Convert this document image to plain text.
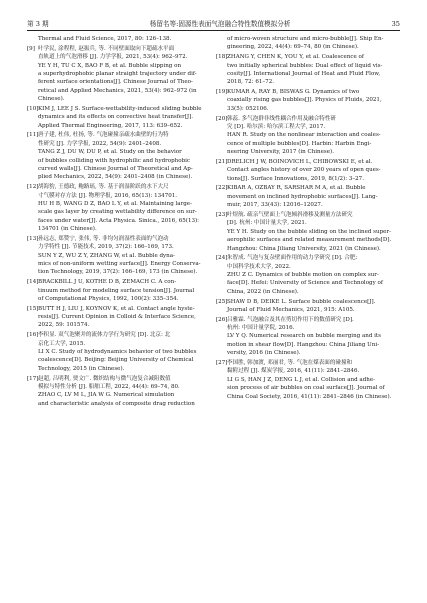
第 3 期	杨留名等:固源性表面气泡融合特性数值模拟分析	35

Thermal and Fluid Science, 2017, 80: 126–138.

[9] 叶学民, 涂程程, 赵振兵, 等. 不同壁面取向下超疏水平面

直轨道上的气泡滑移 [J]. 力学学报, 2021, 53(4): 962–972.

YE Y H, TU C X, BAO F B, et al. Bubble slipping on

a superhydrophobic planar straight trajectory under dif-

ferent surface orientations[J]. Chinese Journal of Theo-

retical and Applied Mechanics, 2021, 53(4): 962–972 (in

Chinese).

[10] KIM J, LEE J S. Surface-wettability-induced sliding bubble

dynamics and its effects on convective heat transfer[J].

Applied Thermal Engineering, 2017, 113: 639–652.

[11] 唐子建, 杜伟, 杜扬, 等. 气泡碰撞亲疏水曲壁的行为特

性研究 [J]. 力学学报, 2022, 54(9): 2401–2408.

TANG Z J, DU W, DU P, et al. Study on the behavior

of bubbles colliding with hydrophilic and hydrophobic

curved walls[J]. Chinese Journal of Theoretical and Ap-

plied Mechanics, 2022, 54(9): 2401–2408 (in Chinese).

[12] 胡海豹, 王德政, 鲍路瑶, 等. 基于润湿阶跃的水下大尺

寸气膜对存方法 [J]. 物理学报, 2016, 65(13): 134701.

HU H B, WANG D Z, BAO L Y, et al. Maintaining large-

scale gas layer by creating wettability difference on sur-

faces under water[J]. Acta Physica. Sinica., 2016, 65(13):

134701 (in Chinese).

[13] 孙远志, 郑赞宁, 张伟, 等. 非均匀润湿性表面的气泡动

力学特性 [J]. 节能技术, 2019, 37(2): 166–169, 173.

SUN Y Z, WU Z Y, ZHANG W, et al. Bubble dyna-

mics of non-uniform wetting surface[J]. Energy Conserva-

tion Technology, 2019, 37(2): 166–169, 173 (in Chinese).

[14] BRACKBILL J U, KOTHE D B, ZEMACH C. A con-

tinuum method for modeling surface tension[J]. Journal

of Computational Physics, 1992, 100(2): 335–354.

[15] BUTT H J, LIU J, KOYNOV K, et al. Contact angle hyste-

resis[J]. Current Opinion in Colloid & Interface Science,

2022, 59: 101574.

[16] 李积显. 双气泡聚并的流体力学行为研究 [D]. 北京: 北

京化工大学, 2015.

LI X C. Study of hydrodynamics behavior of two bubbles

coalescence[D]. Beijing: Beijing University of Chemical

Technology, 2015 (in Chinese).

[17] 赵超, 吕明利, 贾文广. 微织结构与微气泡复合减阻数值

模拟与特性分析 [J]. 船舶工程, 2022, 44(4): 69–74, 80.

ZHAO C, LV M L, JIA W G. Numerical simulation

and characteristic analysis of composite drag reduction

of micro-woven structure and micro-bubble[J]. Ship En-

gineering, 2022, 44(4): 69–74, 80 (in Chinese).

[18] ZHANG Y, CHEN K, YOU Y, et al. Coalescence of

two initially spherical bubbles: Dual effect of liquid vis-

cosity[J]. International Journal of Heat and Fluid Flow,

2018, 72: 61–72.

[19] KUMAR A, RAY B, BISWAS G. Dynamics of two

coaxially rising gas bubbles[J]. Physics of Fluids, 2021,

33(5): 052106.

[20] 韩蕊. 多气泡群非线性耦合作用及融合特性研

究 [D]. 哈尔滨: 哈尔滨工程大学, 2017.

HAN R. Study on the nonlinear interaction and coales-

cence of multiple bubbles[D]. Harbin: Harbin Engi-

neering University, 2017 (in Chinese).

[21] DRELICH J W, BOINOVICH L, CHIBOWSKI E, et al.

Contact angles history of over 200 years of open ques-

tions[J]. Surface Innovations, 2019, 8(1/2): 3–27.

[22] KIBAR A, OZBAY R, SARSHAR M A, et al. Bubble

movement on inclined hydrophobic surfaces[J]. Lang-

muir, 2017, 33(43): 12016–12027.

[23] 叶煜航. 疏亲气壁面上气泡倾斜滑移及测量方法研究

[D]. 杭州: 中国计量大学, 2021.

YE Y H. Study on the bubble sliding on the inclined super-

aerophilic surfaces and related measurement methods[D].

Hangzhou: China Jiliang University, 2021 (in Chinese).

[24] 朱智成. 气泡与复杂壁面作用的动力学研究 [D]. 合肥:

中国科学技术大学, 2022.

ZHU Z C. Dynamics of bubble motion on complex sur-

face[D]. Hefei: University of Science and Technology of

China, 2022 (in Chinese).

[25] SHAW D B, DEIKE L. Surface bubble coalescence[J].

Journal of Fluid Mechanics, 2021, 915: A105.

[26] 吕雅霖. 气泡融合及其在剪切作用下的数值研究 [D].

杭州: 中国计量学院, 2016.

LV Y Q. Numerical research on bubble merging and its

motion in shear flow[D]. Hangzhou: China Jiliang Uni-

versity, 2016 (in Chinese).

[27] 李国胜, 韩加渡, 邓丽君, 等. 气泡在煤表面的碰撞和

黏附过程 [J]. 煤炭学报, 2016, 41(11): 2841–2846.

LI G S, HAN J Z, DENG L J, et al. Collision and adhe-

sion process of air bubbles on coal surface[J]. Journal of

China Coal Society, 2016, 41(11): 2841–2846 (in Chinese).
